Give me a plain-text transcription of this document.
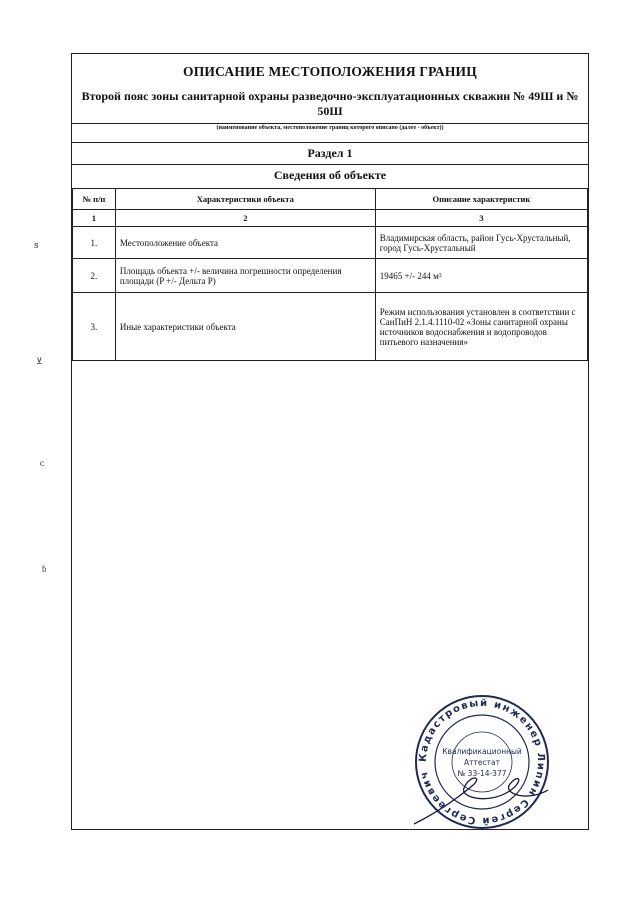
ꜱ
⊻
ᴄ
ɓ
ОПИСАНИЕ МЕСТОПОЛОЖЕНИЯ ГРАНИЦ
Второй пояс зоны санитарной охраны разведочно-эксплуатационных скважин № 49Ш и № 50Ш
(наименование объекта, местоположение границ которого описано (далее - объект))
Раздел 1
Сведения об объекте
№ п/п	Характеристики объекта	Описание характеристик
1	2	3
1.	Местоположение объекта	Владимирская область, район Гусь-Хрустальный, город Гусь-Хрустальный
2.	Площадь объекта +/- величина погрешности определения площади (P +/- Дельта P)	19465 +/- 244 м²
3.	Иные характеристики объекта	Режим использования установлен в соответствии с СанПиН 2.1.4.1110-02 «Зоны санитарной охраны источников водоснабжения и водопроводов питьевого назначения»
Кадастровый инженер Липин Сергей Сергеевич
Квалификационный
Аттестат
№ 33-14-377
